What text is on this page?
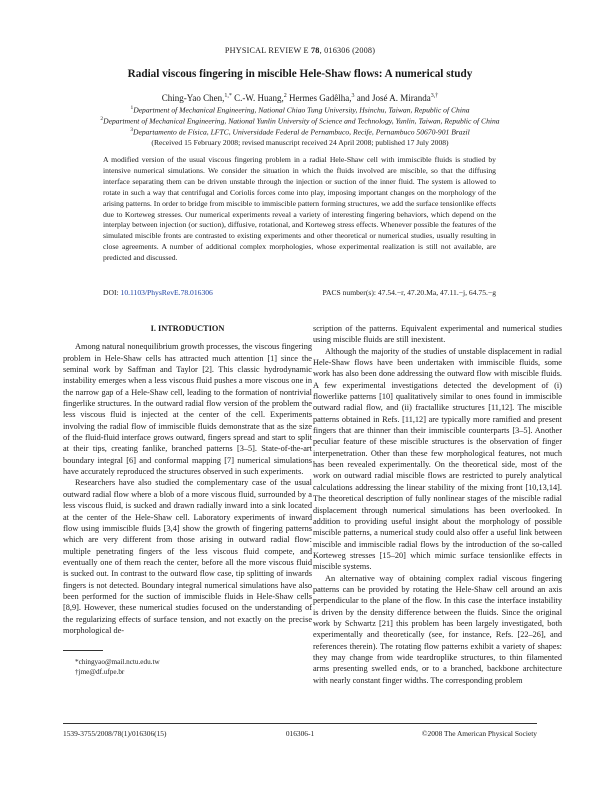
PHYSICAL REVIEW E 78, 016306 (2008)
Radial viscous fingering in miscible Hele-Shaw flows: A numerical study
Ching-Yao Chen,$^{1,*}$ C.-W. Huang,$^2$ Hermes Gadêlha,$^3$ and José A. Miranda$^{3,\dagger}$
$^1$Department of Mechanical Engineering, National Chiao Tung University, Hsinchu, Taiwan, Republic of China
$^2$Department of Mechanical Engineering, National Yunlin University of Science and Technology, Yunlin, Taiwan, Republic of China
$^3$Departamento de Física, LFTC, Universidade Federal de Pernambuco, Recife, Pernambuco 50670-901 Brazil
(Received 15 February 2008; revised manuscript received 24 April 2008; published 17 July 2008)
A modified version of the usual viscous fingering problem in a radial Hele-Shaw cell with immiscible fluids is studied by intensive numerical simulations. We consider the situation in which the fluids involved are miscible, so that the diffusing interface separating them can be driven unstable through the injection or suction of the inner fluid. The system is allowed to rotate in such a way that centrifugal and Coriolis forces come into play, imposing important changes on the morphology of the arising patterns. In order to bridge from miscible to immiscible pattern forming structures, we add the surface tensionlike effects due to Korteweg stresses. Our numerical experiments reveal a variety of interesting fingering behaviors, which depend on the interplay between injection (or suction), diffusive, rotational, and Korteweg stress effects. Whenever possible the features of the simulated miscible fronts are contrasted to existing experiments and other theoretical or numerical studies, usually resulting in close agreements. A number of additional complex morphologies, whose experimental realization is still not available, are predicted and discussed.
DOI: 10.1103/PhysRevE.78.016306	PACS number(s): 47.54.−r, 47.20.Ma, 47.11.−j, 64.75.−g
I. INTRODUCTION

Among natural nonequilibrium growth processes, the viscous fingering problem in Hele-Shaw cells has attracted much attention [1] since the seminal work by Saffman and Taylor [2]. This classic hydrodynamic instability emerges when a less viscous fluid pushes a more viscous one in the narrow gap of a Hele-Shaw cell, leading to the formation of nontrivial fingerlike structures. In the outward radial flow version of the problem the less viscous fluid is injected at the center of the cell. Experiments involving the radial flow of immiscible fluids demonstrate that as the size of the fluid-fluid interface grows outward, fingers spread and start to split at their tips, creating fanlike, branched patterns [3–5]. State-of-the-art boundary integral [6] and conformal mapping [7] numerical simulations have accurately reproduced the structures observed in such experiments.

Researchers have also studied the complementary case of the usual outward radial flow where a blob of a more viscous fluid, surrounded by a less viscous fluid, is sucked and drawn radially inward into a sink located at the center of the Hele-Shaw cell. Laboratory experiments of inward flow using immiscible fluids [3,4] show the growth of fingering patterns which are very different from those arising in outward radial flow: multiple penetrating fingers of the less viscous fluid compete, and eventually one of them reach the center, before all the more viscous fluid is sucked out. In contrast to the outward flow case, tip splitting of inwards fingers is not detected. Boundary integral numerical simulations have also been performed for the suction of immiscible fluids in Hele-Shaw cells [8,9]. However, these numerical studies focused on the understanding of the regularizing effects of surface tension, and not exactly on the precise morphological de-

scription of the patterns. Equivalent experimental and numerical studies using miscible fluids are still inexistent.

Although the majority of the studies of unstable displacement in radial Hele-Shaw flows have been undertaken with immiscible fluids, some work has also been done addressing the outward flow with miscible fluids. A few experimental investigations detected the development of (i) flowerlike patterns [10] qualitatively similar to ones found in immiscible outward radial flow, and (ii) fractallike structures [11,12]. The miscible patterns obtained in Refs. [11,12] are typically more ramified and present fingers that are thinner than their immiscible counterparts [3–5]. Another peculiar feature of these miscible structures is the observation of finger interpenetration. Other than these few morphological features, not much has been revealed experimentally. On the theoretical side, most of the work on outward radial miscible flows are restricted to purely analytical calculations addressing the linear stability of the mixing front [10,13,14]. The theoretical description of fully nonlinear stages of the miscible radial displacement through numerical simulations has been overlooked. In addition to providing useful insight about the morphology of possible miscible patterns, a numerical study could also offer a useful link between miscible and immiscible radial flows by the introduction of the so-called Korteweg stresses [15–20] which mimic surface tensionlike effects in miscible systems.

An alternative way of obtaining complex radial viscous fingering patterns can be provided by rotating the Hele-Shaw cell around an axis perpendicular to the plane of the flow. In this case the interface instability is driven by the density difference between the fluids. Since the original work by Schwartz [21] this problem has been largely investigated, both experimentally and theoretically (see, for instance, Refs. [22–26], and references therein). The rotating flow patterns exhibit a variety of shapes: they may change from wide teardroplike structures, to thin filamented arms presenting swelled ends, or to a branched, backbone architecture with nearly constant finger widths. The corresponding problem

*chingyao@mail.nctu.edu.tw
†jme@df.ufpe.br
1539-3755/2008/78(1)/016306(15)	016306-1	©2008 The American Physical Society
